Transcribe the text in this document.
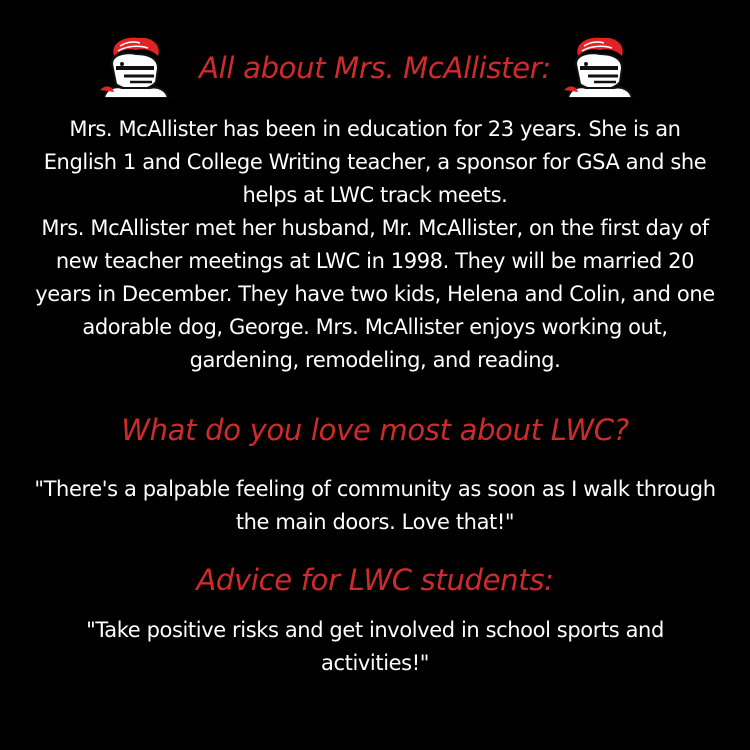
All about Mrs. McAllister:

Mrs. McAllister has been in education for 23 years. She is an English 1 and College Writing teacher, a sponsor for GSA and she helps at LWC track meets.

Mrs. McAllister met her husband, Mr. McAllister, on the first day of new teacher meetings at LWC in 1998. They will be married 20 years in December. They have two kids, Helena and Colin, and one adorable dog, George. Mrs. McAllister enjoys working out, gardening, remodeling, and reading.

What do you love most about LWC?
"There's a palpable feeling of community as soon as I walk through the main doors. Love that!"
Advice for LWC students:
"Take positive risks and get involved in school sports and activities!"
